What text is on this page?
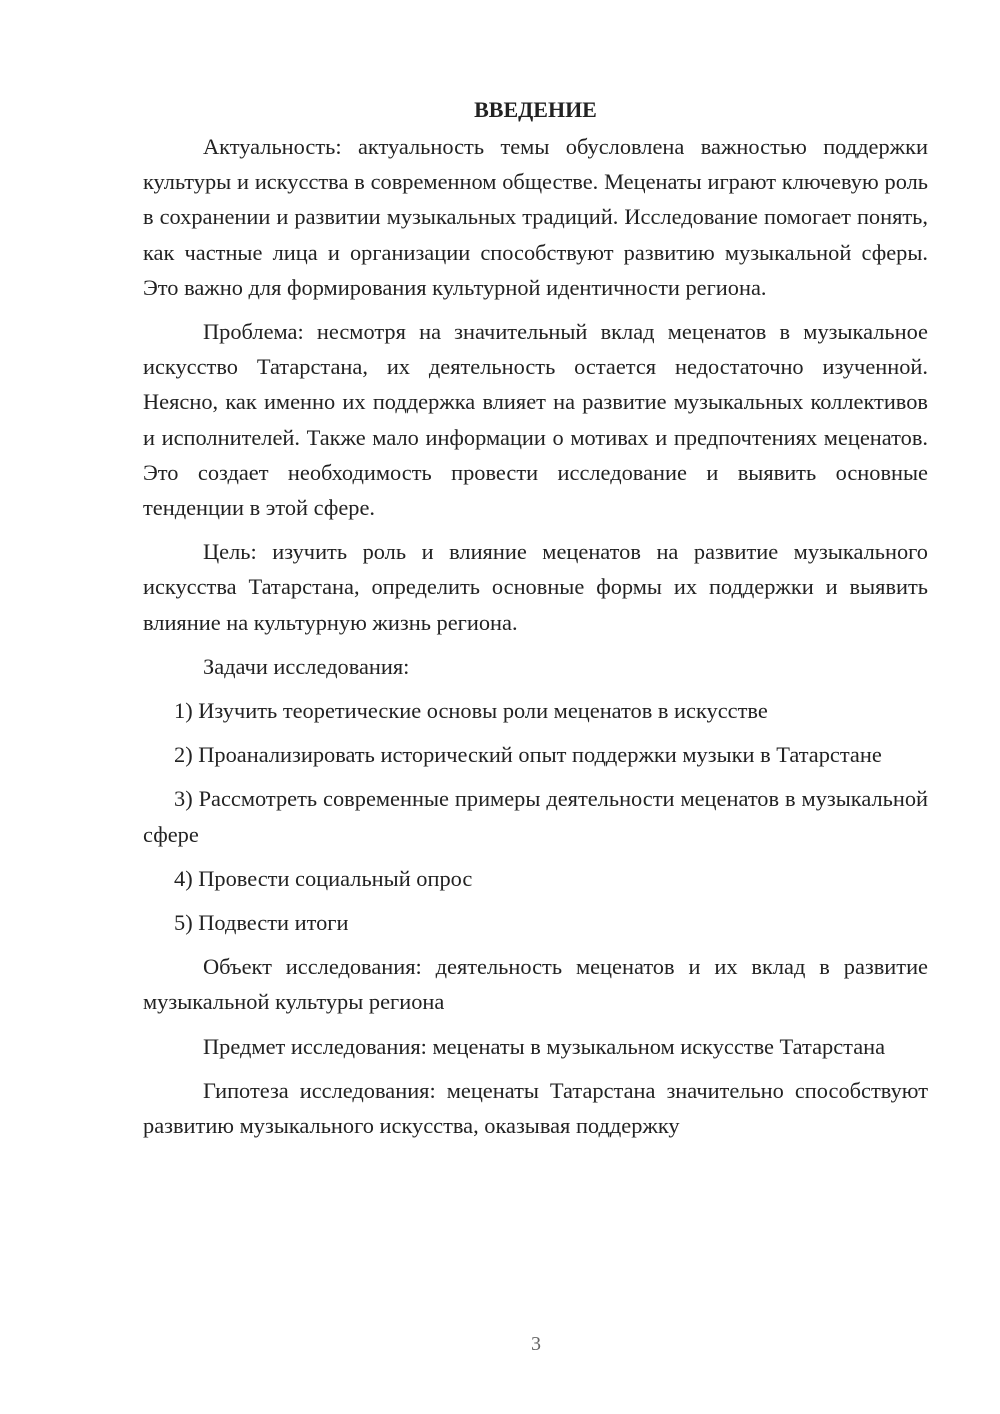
ВВЕДЕНИЕ
Актуальность: актуальность темы обусловлена важностью поддержки культуры и искусства в современном обществе. Меценаты играют ключевую роль в сохранении и развитии музыкальных традиций. Исследование помогает понять, как частные лица и организации способствуют развитию музыкальной сферы. Это важно для формирования культурной идентичности региона.
Проблема: несмотря на значительный вклад меценатов в музыкальное искусство Татарстана, их деятельность остается недостаточно изученной. Неясно, как именно их поддержка влияет на развитие музыкальных коллективов и исполнителей. Также мало информации о мотивах и предпочтениях меценатов. Это создает необходимость провести исследование и выявить основные тенденции в этой сфере.
Цель: изучить роль и влияние меценатов на развитие музыкального искусства Татарстана, определить основные формы их поддержки и выявить влияние на культурную жизнь региона.
Задачи исследования:
1) Изучить теоретические основы роли меценатов в искусстве
2) Проанализировать исторический опыт поддержки музыки в Татарстане
3) Рассмотреть современные примеры деятельности меценатов в музыкальной сфере
4) Провести социальный опрос
5) Подвести итоги
Объект исследования: деятельность меценатов и их вклад в развитие музыкальной культуры региона
Предмет исследования: меценаты в музыкальном искусстве Татарстана
Гипотеза исследования: меценаты Татарстана значительно способствуют развитию музыкального искусства, оказывая поддержку
3
